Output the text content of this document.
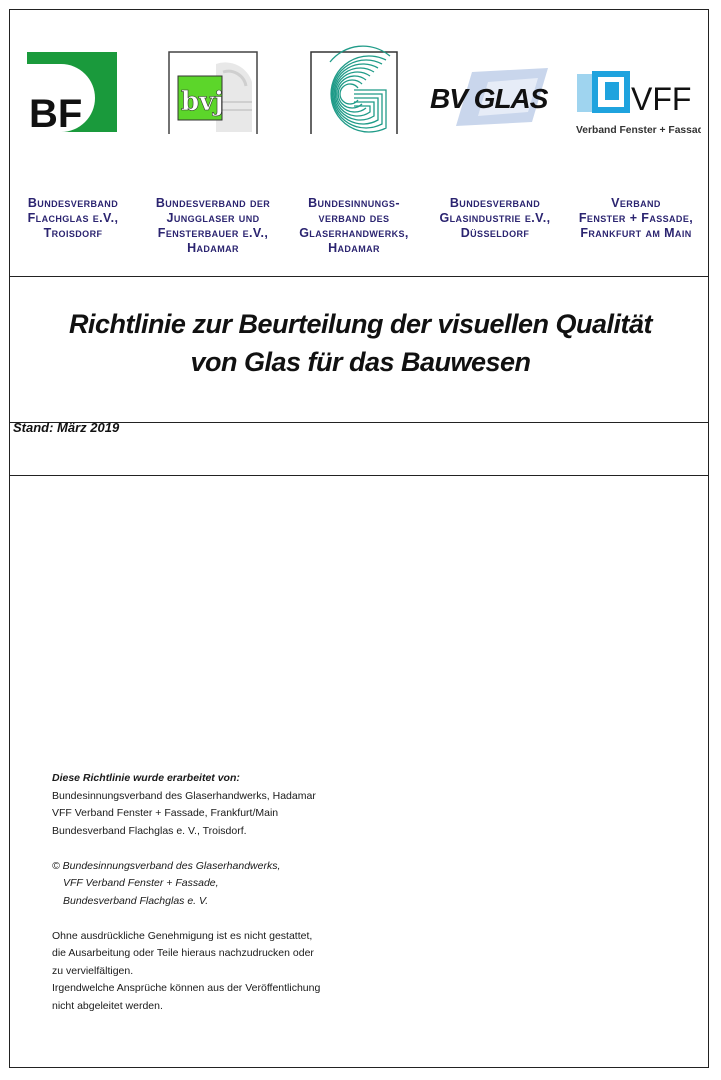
BF	bvj	BV GLAS	VFF
Verband Fenster + Fassade
Bundesverband
Flachglas e.V.,
Troisdorf
Bundesverband der
Jungglaser und
Fensterbauer e.V.,
Hadamar
Bundesinnungs-
verband des
Glaserhandwerks,
Hadamar
Bundesverband
Glasindustrie e.V.,
Düsseldorf
Verband
Fenster + Fassade,
Frankfurt am Main
Richtlinie zur Beurteilung der visuellen Qualität
von Glas für das Bauwesen
Stand: März 2019
Diese Richtlinie wurde erarbeitet von:
Bundesinnungsverband des Glaserhandwerks, Hadamar
VFF Verband Fenster + Fassade, Frankfurt/Main
Bundesverband Flachglas e. V., Troisdorf.
© Bundesinnungsverband des Glaserhandwerks,
VFF Verband Fenster + Fassade,
Bundesverband Flachglas e. V.
Ohne ausdrückliche Genehmigung ist es nicht gestattet,
die Ausarbeitung oder Teile hieraus nachzudrucken oder
zu vervielfältigen.
Irgendwelche Ansprüche können aus der Veröffentlichung
nicht abgeleitet werden.
